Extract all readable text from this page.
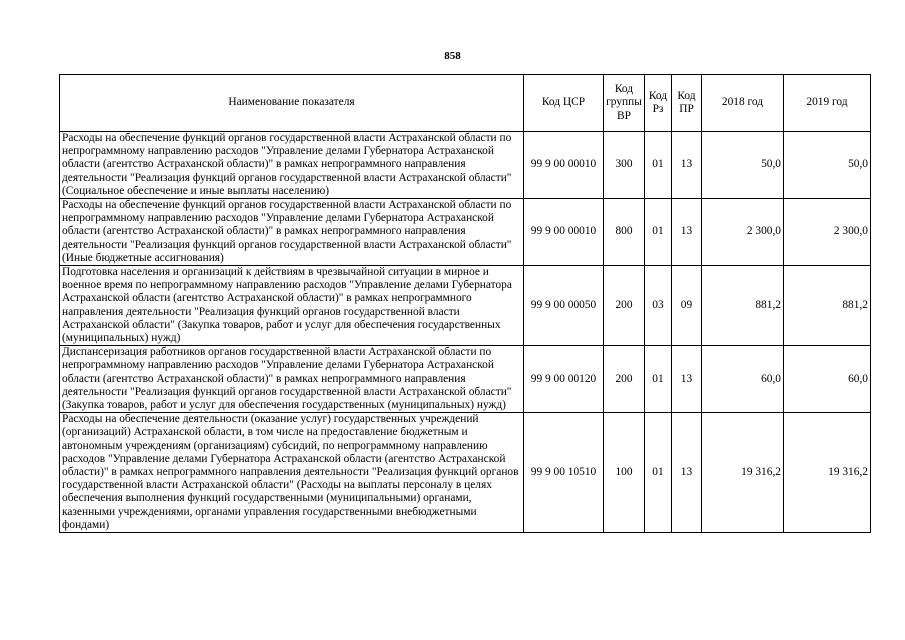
858
Наименование показателя	Код ЦСР	Код группы ВР	Код Рз	Код ПР	2018 год	2019 год
Расходы на обеспечение функций органов государственной власти Астраханской области по непрограммному направлению расходов "Управление делами Губернатора Астраханской области (агентство Астраханской области)" в рамках непрограммного направления деятельности "Реализация функций органов государственной власти Астраханской области" (Социальное обеспечение и иные выплаты населению)	99 9 00 00010	300	01	13	50,0	50,0
Расходы на обеспечение функций органов государственной власти Астраханской области по непрограммному направлению расходов "Управление делами Губернатора Астраханской области (агентство Астраханской области)" в рамках непрограммного направления деятельности "Реализация функций органов государственной власти Астраханской области" (Иные бюджетные ассигнования)	99 9 00 00010	800	01	13	2 300,0	2 300,0
Подготовка населения и организаций к действиям в чрезвычайной ситуации в мирное и военное время по непрограммному направлению расходов "Управление делами Губернатора Астраханской области (агентство Астраханской области)" в рамках непрограммного направления деятельности "Реализация функций органов государственной власти Астраханской области" (Закупка товаров, работ и услуг для обеспечения государственных (муниципальных) нужд)	99 9 00 00050	200	03	09	881,2	881,2
Диспансеризация работников органов государственной власти Астраханской области по непрограммному направлению расходов "Управление делами Губернатора Астраханской области (агентство Астраханской области)" в рамках непрограммного направления деятельности "Реализация функций органов государственной власти Астраханской области" (Закупка товаров, работ и услуг для обеспечения государственных (муниципальных) нужд)	99 9 00 00120	200	01	13	60,0	60,0
Расходы на обеспечение деятельности (оказание услуг) государственных учреждений (организаций) Астраханской области, в том числе на предоставление бюджетным и автономным учреждениям (организациям) субсидий, по непрограммному направлению расходов "Управление делами Губернатора Астраханской области (агентство Астраханской области)" в рамках непрограммного направления деятельности "Реализация функций органов государственной власти Астраханской области" (Расходы на выплаты персоналу в целях обеспечения выполнения функций государственными (муниципальными) органами, казенными учреждениями, органами управления государственными внебюджетными фондами)	99 9 00 10510	100	01	13	19 316,2	19 316,2
